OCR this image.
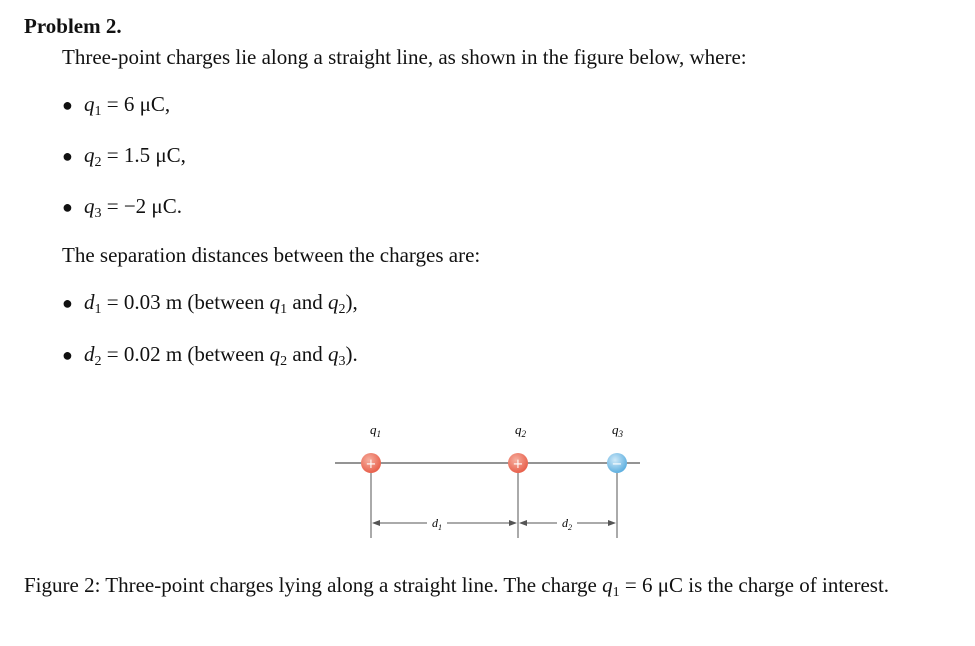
Problem 2.

Three-point charges lie along a straight line, as shown in the figure below, where:

● $q_1 = 6$ μC,
● $q_2 = 1.5$ μC,
● $q_3 = -2$ μC.

The separation distances between the charges are:

● $d_1 = 0.03$ m (between $q_1$ and $q_2$),
● $d_2 = 0.02$ m (between $q_2$ and $q_3$).
$q_1$	$q_2$	$q_3$
+	+	−
$d_1$	$d_2$

Figure 2: Three-point charges lying along a straight line. The charge $q_1 = 6$ μC is the charge of interest.
